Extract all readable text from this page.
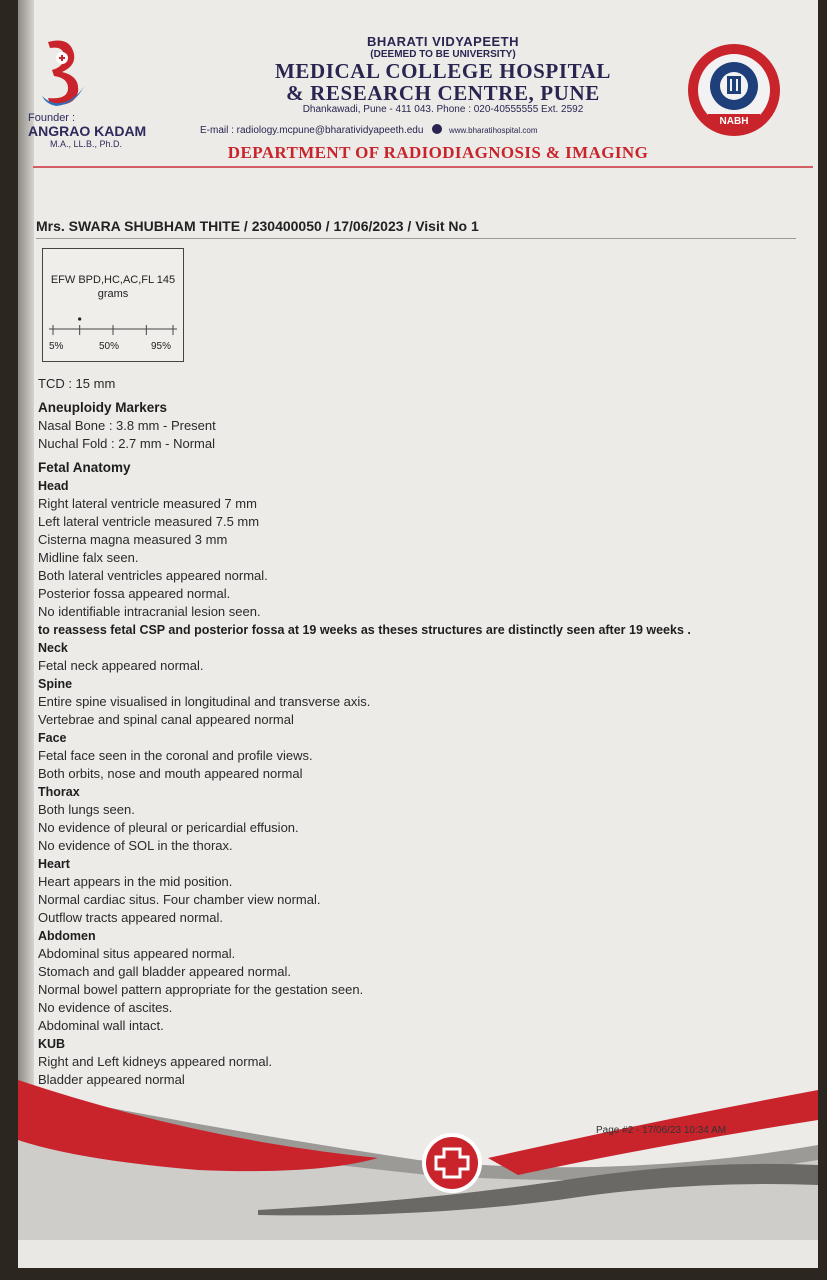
Founder :
ANGRAO KADAM
M.A., LL.B., Ph.D.
BHARATI VIDYAPEETH
(DEEMED TO BE UNIVERSITY)
MEDICAL COLLEGE HOSPITAL
& RESEARCH CENTRE, PUNE
Dhankawadi, Pune - 411 043. Phone : 020-40555555 Ext. 2592
E-mail : radiology.mcpune@bharatividyapeeth.edu	www.bharatihospital.com
DEPARTMENT OF RADIODIAGNOSIS & IMAGING
NABH
Mrs. SWARA SHUBHAM THITE / 230400050 / 17/06/2023 / Visit No 1
EFW BPD,HC,AC,FL 145 grams
5%	50%	95%
TCD : 15 mm
Aneuploidy Markers
Nasal Bone : 3.8 mm - Present
Nuchal Fold : 2.7 mm - Normal
Fetal Anatomy
Head
Right lateral ventricle measured 7 mm
Left lateral ventricle measured 7.5 mm
Cisterna magna measured 3 mm
Midline falx seen.
Both lateral ventricles appeared normal.
Posterior fossa appeared normal.
No identifiable intracranial lesion seen.
to reassess fetal CSP and posterior fossa at 19 weeks as theses structures are distinctly seen after 19 weeks .
Neck
Fetal neck appeared normal.
Spine
Entire spine visualised in longitudinal and transverse axis.
Vertebrae and spinal canal appeared normal
Face
Fetal face seen in the coronal and profile views.
Both orbits, nose and mouth appeared normal
Thorax
Both lungs seen.
No evidence of pleural or pericardial effusion.
No evidence of SOL in the thorax.
Heart
Heart appears in the mid position.
Normal cardiac situs. Four chamber view normal.
Outflow tracts appeared normal.
Abdomen
Abdominal situs appeared normal.
Stomach and gall bladder appeared normal.
Normal bowel pattern appropriate for the gestation seen.
No evidence of ascites.
Abdominal wall intact.
KUB
Right and Left kidneys appeared normal.
Bladder appeared normal
Page #2 - 17/06/23 10:34 AM
